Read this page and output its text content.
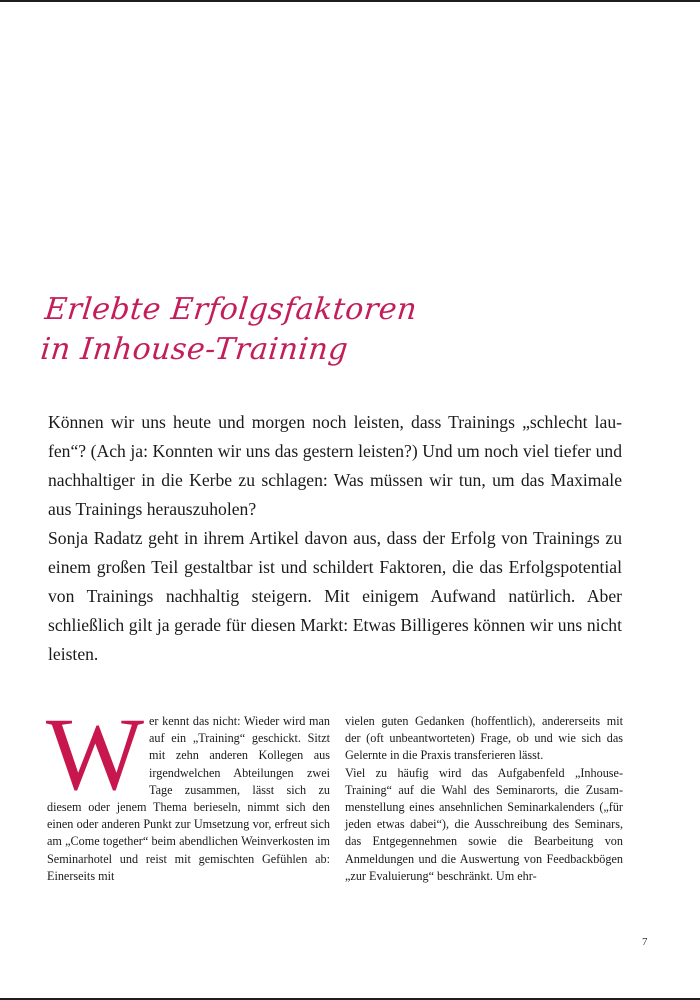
Erlebte Erfolgsfaktoren
in Inhouse-Training

Können wir uns heute und morgen noch leisten, dass Trainings „schlecht laufen“? (Ach ja: Konnten wir uns das gestern leisten?) Und um noch viel tiefer und nachhaltiger in die Kerbe zu schlagen: Was müssen wir tun, um das Maximale aus Trainings herauszuholen?

Sonja Radatz geht in ihrem Artikel davon aus, dass der Erfolg von Trainings zu einem großen Teil gestaltbar ist und schildert Faktoren, die das Erfolgspotential von Trainings nachhaltig steigern. Mit einigem Aufwand natürlich. Aber schließlich gilt ja gerade für diesen Markt: Etwas Billigeres können wir uns nicht leisten.

W er kennt das nicht: Wieder wird man auf ein „Training“ geschickt. Sitzt mit zehn anderen Kollegen aus irgendwelchen Abteilungen zwei Tage zusammen, lässt sich zu diesem oder jenem Thema berieseln, nimmt sich den einen oder anderen Punkt zur Umsetzung vor, erfreut sich am „Come together“ beim abendlichen Weinverkosten im Seminarhotel und reist mit gemischten Gefühlen ab: Einerseits mit

vielen guten Gedanken (hoffentlich), andererseits mit der (oft unbeantworteten) Frage, ob und wie sich das Gelernte in die Praxis transferieren lässt.

Viel zu häufig wird das Aufgabenfeld „Inhouse-Training“ auf die Wahl des Seminarorts, die Zusammenstellung eines ansehnlichen Seminarkalenders („für jeden etwas dabei“), die Ausschreibung des Seminars, das Entgegennehmen sowie die Bearbeitung von Anmeldungen und die Auswertung von Feedbackbögen „zur Evaluierung“ beschränkt. Um ehr-

7
